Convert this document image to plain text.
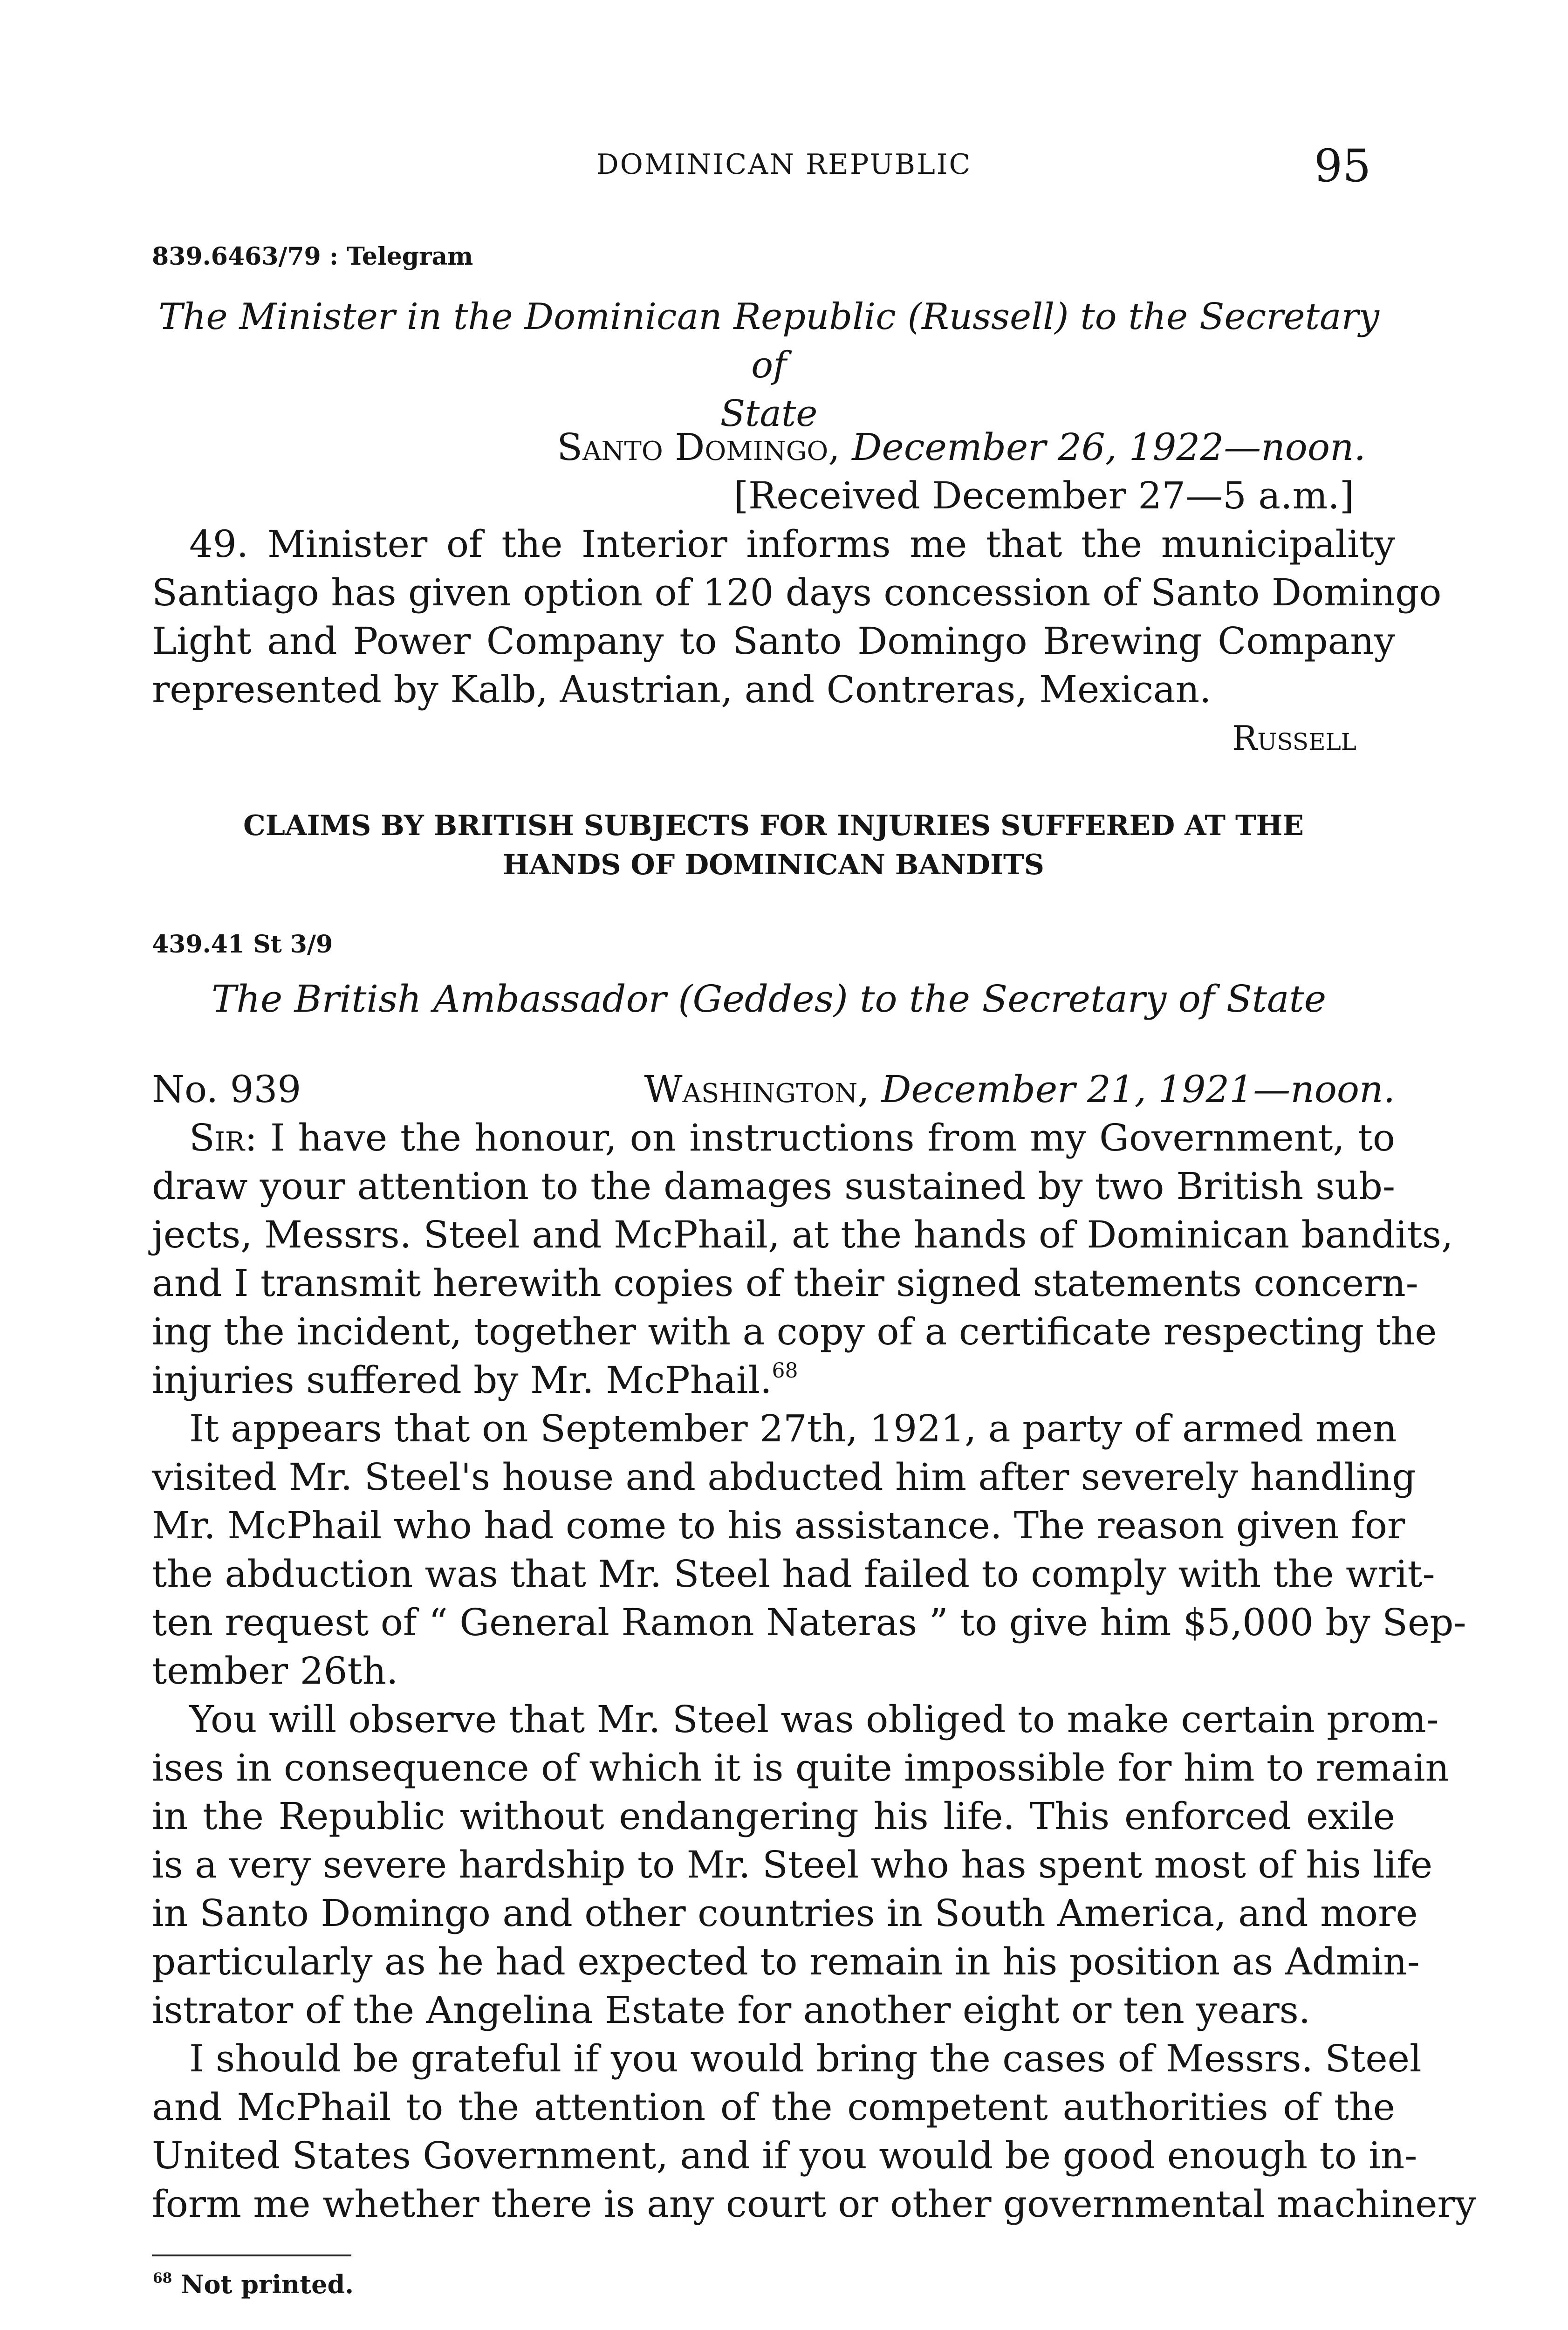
DOMINICAN REPUBLIC	95
839.6463/79 : Telegram
The Minister in the Dominican Republic (Russell) to the Secretary of
State
Santo Domingo, December 26, 1922—noon.
[Received December 27—5 a.m.]
49. Minister of the Interior informs me that the municipality
Santiago has given option of 120 days concession of Santo Domingo
Light and Power Company to Santo Domingo Brewing Company
represented by Kalb, Austrian, and Contreras, Mexican.
Russell
CLAIMS BY BRITISH SUBJECTS FOR INJURIES SUFFERED AT THE
HANDS OF DOMINICAN BANDITS
439.41 St 3/9
The British Ambassador (Geddes) to the Secretary of State
No. 939	Washington, December 21, 1921—noon.
Sir: I have the honour, on instructions from my Government, to
draw your attention to the damages sustained by two British sub-
jects, Messrs. Steel and McPhail, at the hands of Dominican bandits,
and I transmit herewith copies of their signed statements concern-
ing the incident, together with a copy of a certificate respecting the
injuries suffered by Mr. McPhail.$^{68}$
It appears that on September 27th, 1921, a party of armed men
visited Mr. Steel's house and abducted him after severely handling
Mr. McPhail who had come to his assistance. The reason given for
the abduction was that Mr. Steel had failed to comply with the writ-
ten request of “ General Ramon Nateras ” to give him $5,000 by Sep-
tember 26th.
You will observe that Mr. Steel was obliged to make certain prom-
ises in consequence of which it is quite impossible for him to remain
in the Republic without endangering his life. This enforced exile
is a very severe hardship to Mr. Steel who has spent most of his life
in Santo Domingo and other countries in South America, and more
particularly as he had expected to remain in his position as Admin-
istrator of the Angelina Estate for another eight or ten years.
I should be grateful if you would bring the cases of Messrs. Steel
and McPhail to the attention of the competent authorities of the
United States Government, and if you would be good enough to in-
form me whether there is any court or other governmental machinery
$^{68}$ Not printed.
